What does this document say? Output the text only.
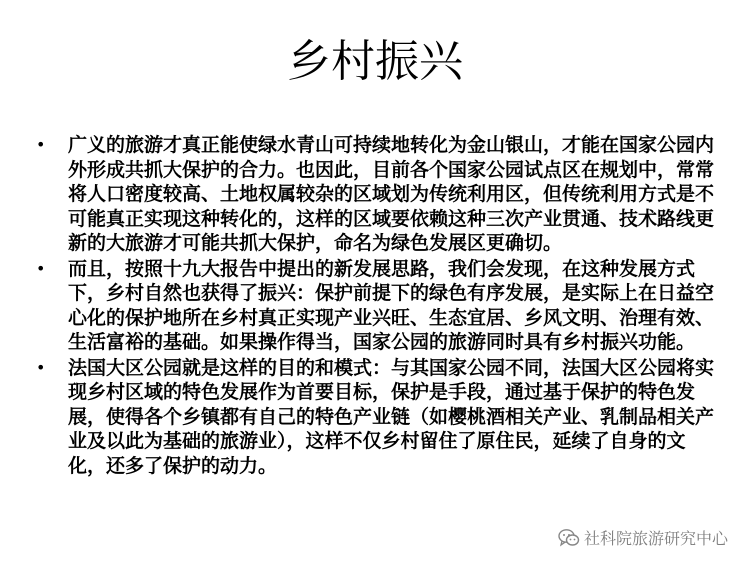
乡村振兴
• 广义的旅游才真正能使绿水青山可持续地转化为金山银山，才能在国家公园内外形成共抓大保护的合力。也因此，目前各个国家公园试点区在规划中，常常将人口密度较高、土地权属较杂的区域划为传统利用区，但传统利用方式是不可能真正实现这种转化的，这样的区域要依赖这种三次产业贯通、技术路线更新的大旅游才可能共抓大保护，命名为绿色发展区更确切。
• 而且，按照十九大报告中提出的新发展思路，我们会发现，在这种发展方式下，乡村自然也获得了振兴：保护前提下的绿色有序发展，是实际上在日益空心化的保护地所在乡村真正实现产业兴旺、生态宜居、乡风文明、治理有效、生活富裕的基础。如果操作得当，国家公园的旅游同时具有乡村振兴功能。
• 法国大区公园就是这样的目的和模式：与其国家公园不同，法国大区公园将实现乡村区域的特色发展作为首要目标，保护是手段，通过基于保护的特色发展，使得各个乡镇都有自己的特色产业链（如樱桃酒相关产业、乳制品相关产业及以此为基础的旅游业），这样不仅乡村留住了原住民，延续了自身的文化，还多了保护的动力。
社科院旅游研究中心
